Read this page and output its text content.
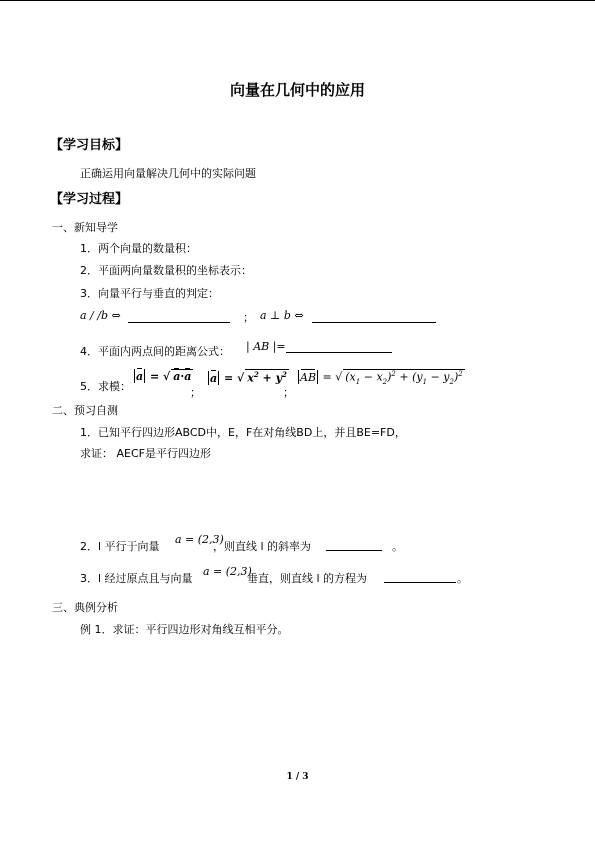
向量在几何中的应用
【学习目标】
正确运用向量解决几何中的实际问题
【学习过程】
一、新知导学
1．两个向量的数量积：
2．平面两向量数量积的坐标表示：
3．向量平行与垂直的判定：
a / /b ⇔	； a ⊥ b ⇔
4．平面内两点间的距离公式： | AB |=
5．求模：
a = √ a·a
；
a = √ $x^2 + y^2$
；
AB = √ $(x_1 - x_2)^2 + (y_1 - y_2)^2$
二、预习自测
1．已知平行四边形ABCD中，E，F在对角线BD上，并且BE=FD，
求证： AECF是平行四边形
2．l 平行于向量
a = (2,3)
，则直线 l 的斜率为	。
3．l 经过原点且与向量
a = (2,3)
垂直，则直线 l 的方程为	。
三、典例分析
例 1．求证：平行四边形对角线互相平分。
1 / 3
